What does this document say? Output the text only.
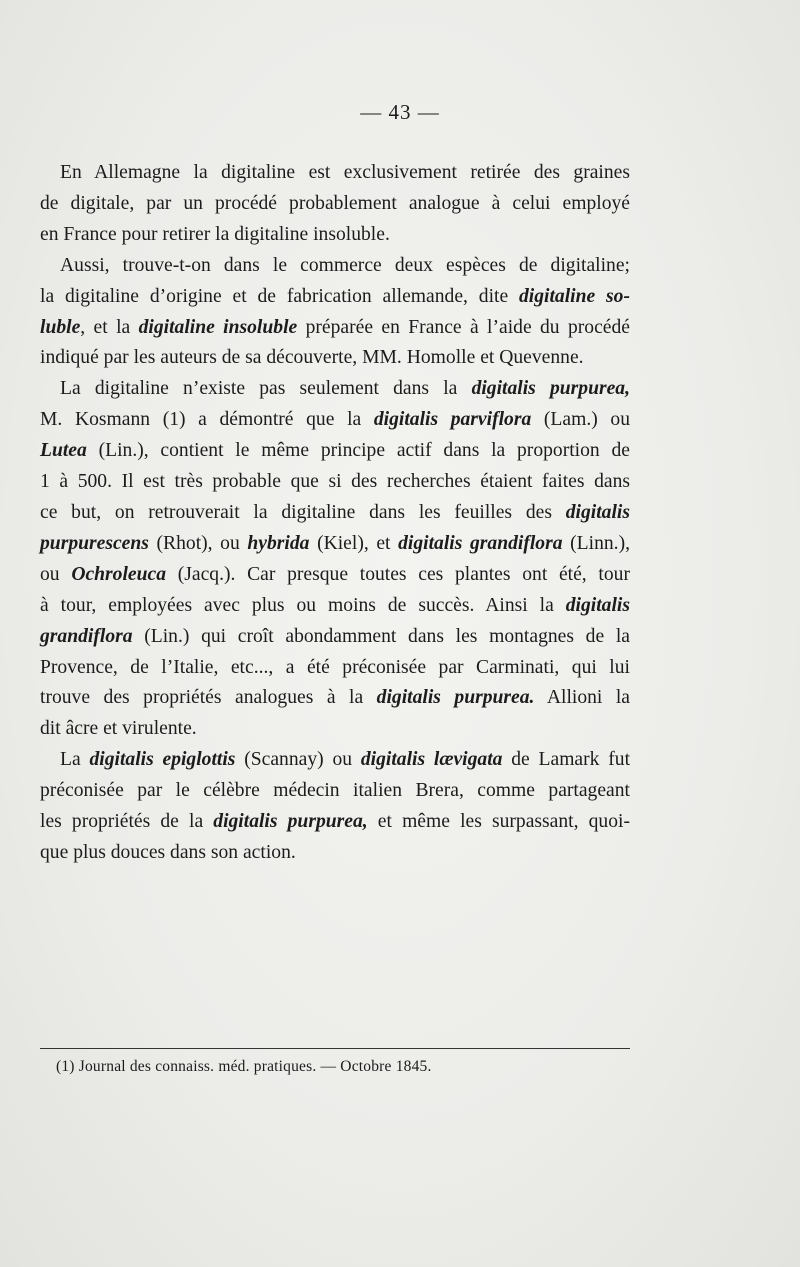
— 43 —

En Allemagne la digitaline est exclusivement retirée des graines
de digitale, par un procédé probablement analogue à celui employé
en France pour retirer la digitaline insoluble.

Aussi, trouve-t-on dans le commerce deux espèces de digitaline;
la digitaline d’origine et de fabrication allemande, dite digitaline so-
luble, et la digitaline insoluble préparée en France à l’aide du procédé
indiqué par les auteurs de sa découverte, MM. Homolle et Quevenne.

La digitaline n’existe pas seulement dans la digitalis purpurea,
M. Kosmann (1) a démontré que la digitalis parviflora (Lam.) ou
Lutea (Lin.), contient le même principe actif dans la proportion de
1 à 500. Il est très probable que si des recherches étaient faites dans
ce but, on retrouverait la digitaline dans les feuilles des digitalis
purpurescens (Rhot), ou hybrida (Kiel), et digitalis grandiflora (Linn.),
ou Ochroleuca (Jacq.). Car presque toutes ces plantes ont été, tour
à tour, employées avec plus ou moins de succès. Ainsi la digitalis
grandiflora (Lin.) qui croît abondamment dans les montagnes de la
Provence, de l’Italie, etc..., a été préconisée par Carminati, qui lui
trouve des propriétés analogues à la digitalis purpurea. Allioni la
dit âcre et virulente.

La digitalis epiglottis (Scannay) ou digitalis lævigata de Lamark fut
préconisée par le célèbre médecin italien Brera, comme partageant
les propriétés de la digitalis purpurea, et même les surpassant, quoi-
que plus douces dans son action.

(1) Journal des connaiss. méd. pratiques. — Octobre 1845.
